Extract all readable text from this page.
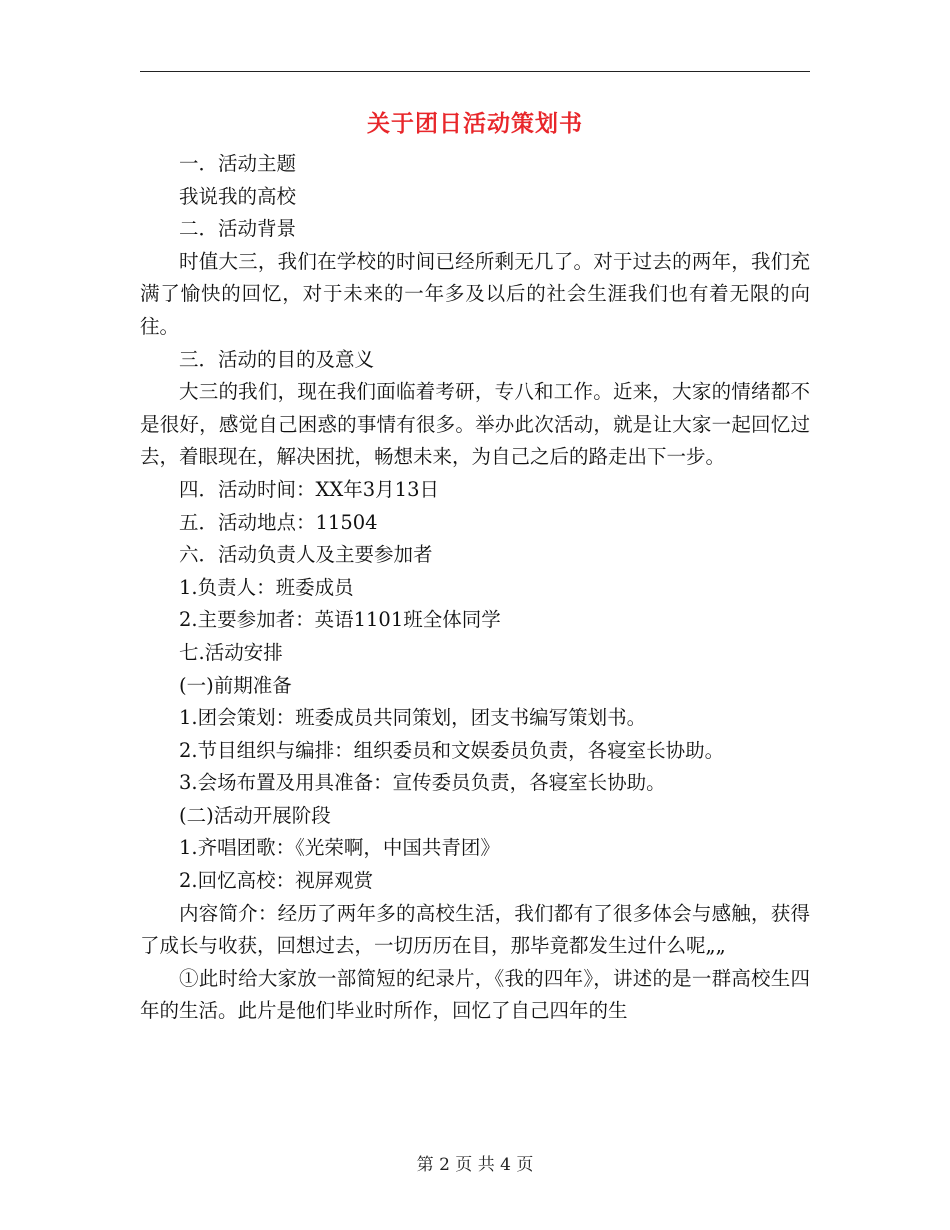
关于团日活动策划书

一．活动主题

我说我的高校

二．活动背景

时值大三，我们在学校的时间已经所剩无几了。对于过去的两年，我们充满了愉快的回忆，对于未来的一年多及以后的社会生涯我们也有着无限的向往。

三．活动的目的及意义

大三的我们，现在我们面临着考研，专八和工作。近来，大家的情绪都不是很好，感觉自己困惑的事情有很多。举办此次活动，就是让大家一起回忆过去，着眼现在，解决困扰，畅想未来，为自己之后的路走出下一步。

四．活动时间：XX年3月13日

五．活动地点：11504

六．活动负责人及主要参加者

1.负责人：班委成员

2.主要参加者：英语1101班全体同学

七.活动安排

(一)前期准备

1.团会策划：班委成员共同策划，团支书编写策划书。

2.节目组织与编排：组织委员和文娱委员负责，各寝室长协助。

3.会场布置及用具准备：宣传委员负责，各寝室长协助。

(二)活动开展阶段

1.齐唱团歌：《光荣啊，中国共青团》

2.回忆高校：视屏观赏

内容简介：经历了两年多的高校生活，我们都有了很多体会与感触，获得了成长与收获，回想过去，一切历历在目，那毕竟都发生过什么呢„„

①此时给大家放一部简短的纪录片，《我的四年》，讲述的是一群高校生四年的生活。此片是他们毕业时所作，回忆了自己四年的生

第 2 页 共 4 页
